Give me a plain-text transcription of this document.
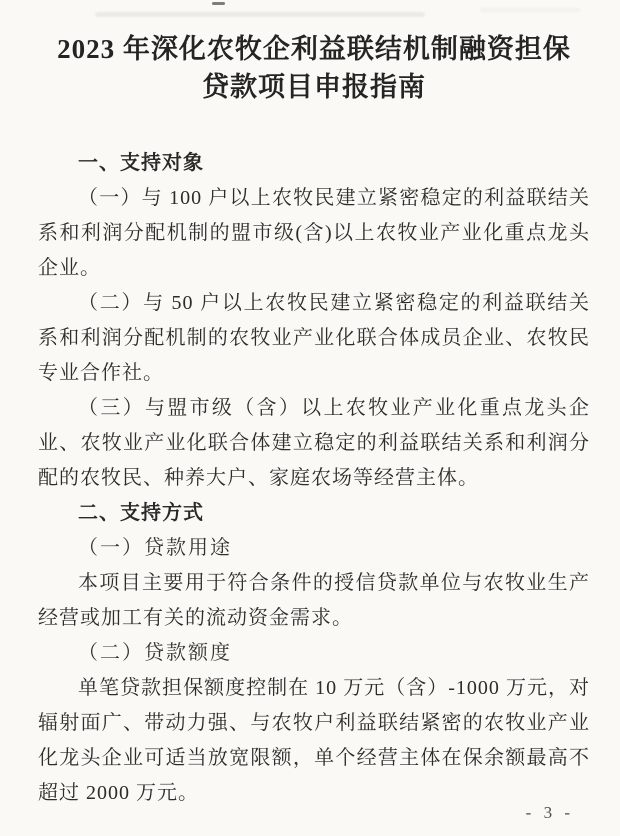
2023 年深化农牧企利益联结机制融资担保
贷款项目申报指南

一、支持对象

（一）与 100 户以上农牧民建立紧密稳定的利益联结关系和利润分配机制的盟市级(含)以上农牧业产业化重点龙头企业。

（二）与 50 户以上农牧民建立紧密稳定的利益联结关系和利润分配机制的农牧业产业化联合体成员企业、农牧民专业合作社。

（三）与盟市级（含）以上农牧业产业化重点龙头企业、农牧业产业化联合体建立稳定的利益联结关系和利润分配的农牧民、种养大户、家庭农场等经营主体。

二、支持方式

（一）贷款用途

本项目主要用于符合条件的授信贷款单位与农牧业生产经营或加工有关的流动资金需求。

（二）贷款额度

单笔贷款担保额度控制在 10 万元（含）-1000 万元，对辐射面广、带动力强、与农牧户利益联结紧密的农牧业产业化龙头企业可适当放宽限额，单个经营主体在保余额最高不超过 2000 万元。

- 3 -
